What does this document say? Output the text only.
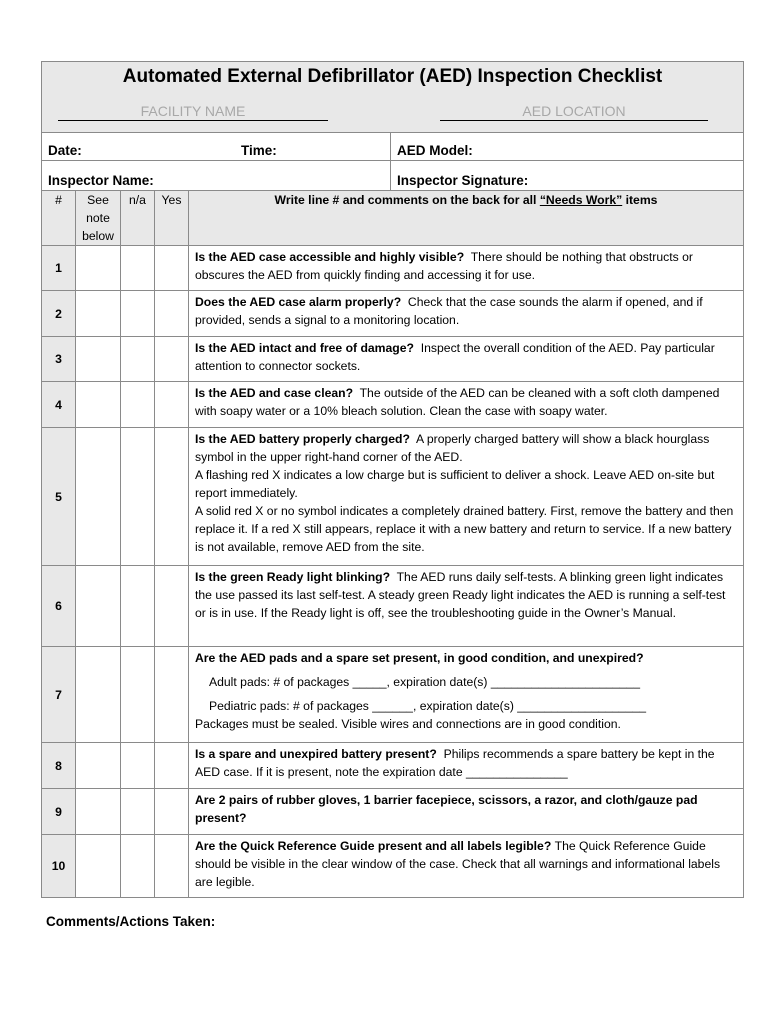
Automated External Defibrillator (AED) Inspection Checklist
FACILITY NAME AED LOCATION					

Date: Time:					AED Model:
Inspector Name:					Inspector Signature:
#	See note below	n/a	Yes	Write line # and comments on the back for all “Needs Work” items	
1				Is the AED case accessible and highly visible? There should be nothing that obstructs or obscures the AED from quickly finding and accessing it for use.	
2				Does the AED case alarm properly? Check that the case sounds the alarm if opened, and if provided, sends a signal to a monitoring location.	
3				Is the AED intact and free of damage? Inspect the overall condition of the AED. Pay particular attention to connector sockets.	
4				Is the AED and case clean? The outside of the AED can be cleaned with a soft cloth dampened with soapy water or a 10% bleach solution. Clean the case with soapy water.	
5				Is the AED battery properly charged? A properly charged battery will show a black hourglass symbol in the upper right-hand corner of the AED.
A flashing red X indicates a low charge but is sufficient to deliver a shock. Leave AED on-site but report immediately.
A solid red X or no symbol indicates a completely drained battery. First, remove the battery and then replace it. If a red X still appears, replace it with a new battery and return to service. If a new battery is not available, remove AED from the site.	
6				Is the green Ready light blinking? The AED runs daily self-tests. A blinking green light indicates the use passed its last self-test. A steady green Ready light indicates the AED is running a self-test or is in use. If the Ready light is off, see the troubleshooting guide in the Owner’s Manual.	
7				Are the AED pads and a spare set present, in good condition, and unexpired?
Adult pads: # of packages _____, expiration date(s) ______________________
Pediatric pads: # of packages ______, expiration date(s) ___________________
Packages must be sealed. Visible wires and connections are in good condition.	
8				Is a spare and unexpired battery present? Philips recommends a spare battery be kept in the AED case. If it is present, note the expiration date _______________	
9				Are 2 pairs of rubber gloves, 1 barrier facepiece, scissors, a razor, and cloth/gauze pad present?	
10				Are the Quick Reference Guide present and all labels legible? The Quick Reference Guide should be visible in the clear window of the case. Check that all warnings and informational labels are legible.	
Comments/Actions Taken:
